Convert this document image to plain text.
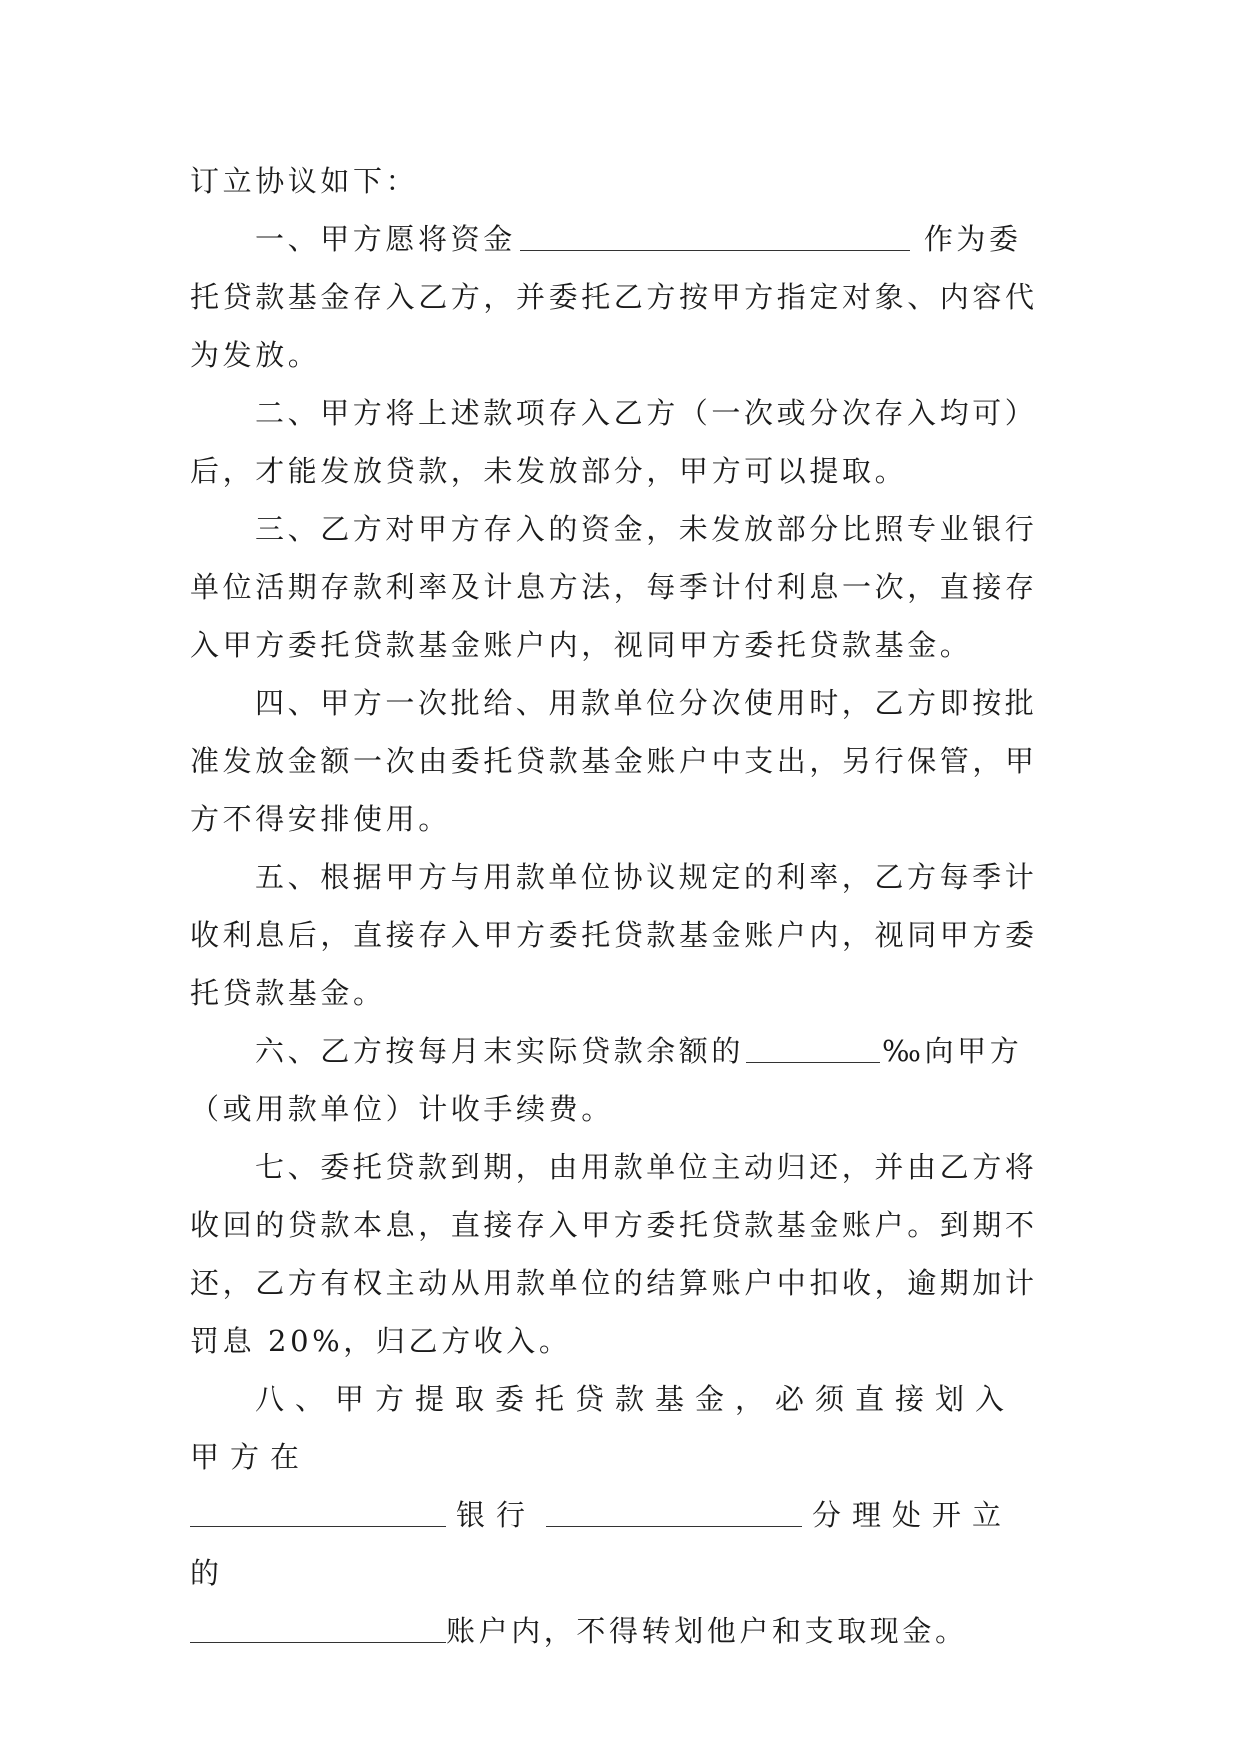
订立协议如下：

一、甲方愿将资金	作为委托贷款基金存入乙方，并委托乙方按甲方指定对象、内容代为发放。

二、甲方将上述款项存入乙方（一次或分次存入均可）后，才能发放贷款，未发放部分，甲方可以提取。

三、乙方对甲方存入的资金，未发放部分比照专业银行单位活期存款利率及计息方法，每季计付利息一次，直接存入甲方委托贷款基金账户内，视同甲方委托贷款基金。

四、甲方一次批给、用款单位分次使用时，乙方即按批准发放金额一次由委托贷款基金账户中支出，另行保管，甲方不得安排使用。

五、根据甲方与用款单位协议规定的利率，乙方每季计收利息后，直接存入甲方委托贷款基金账户内，视同甲方委托贷款基金。

六、乙方按每月末实际贷款余额的	‰向甲方（或用款单位）计收手续费。

七、委托贷款到期，由用款单位主动归还，并由乙方将收回的贷款本息，直接存入甲方委托贷款基金账户。到期不还，乙方有权主动从用款单位的结算账户中扣收，逾期加计罚息 20%，归乙方收入。

八、甲方提取委托贷款基金，必须直接划入甲方在

银行	分理处开立的

账户内，不得转划他户和支取现金。
